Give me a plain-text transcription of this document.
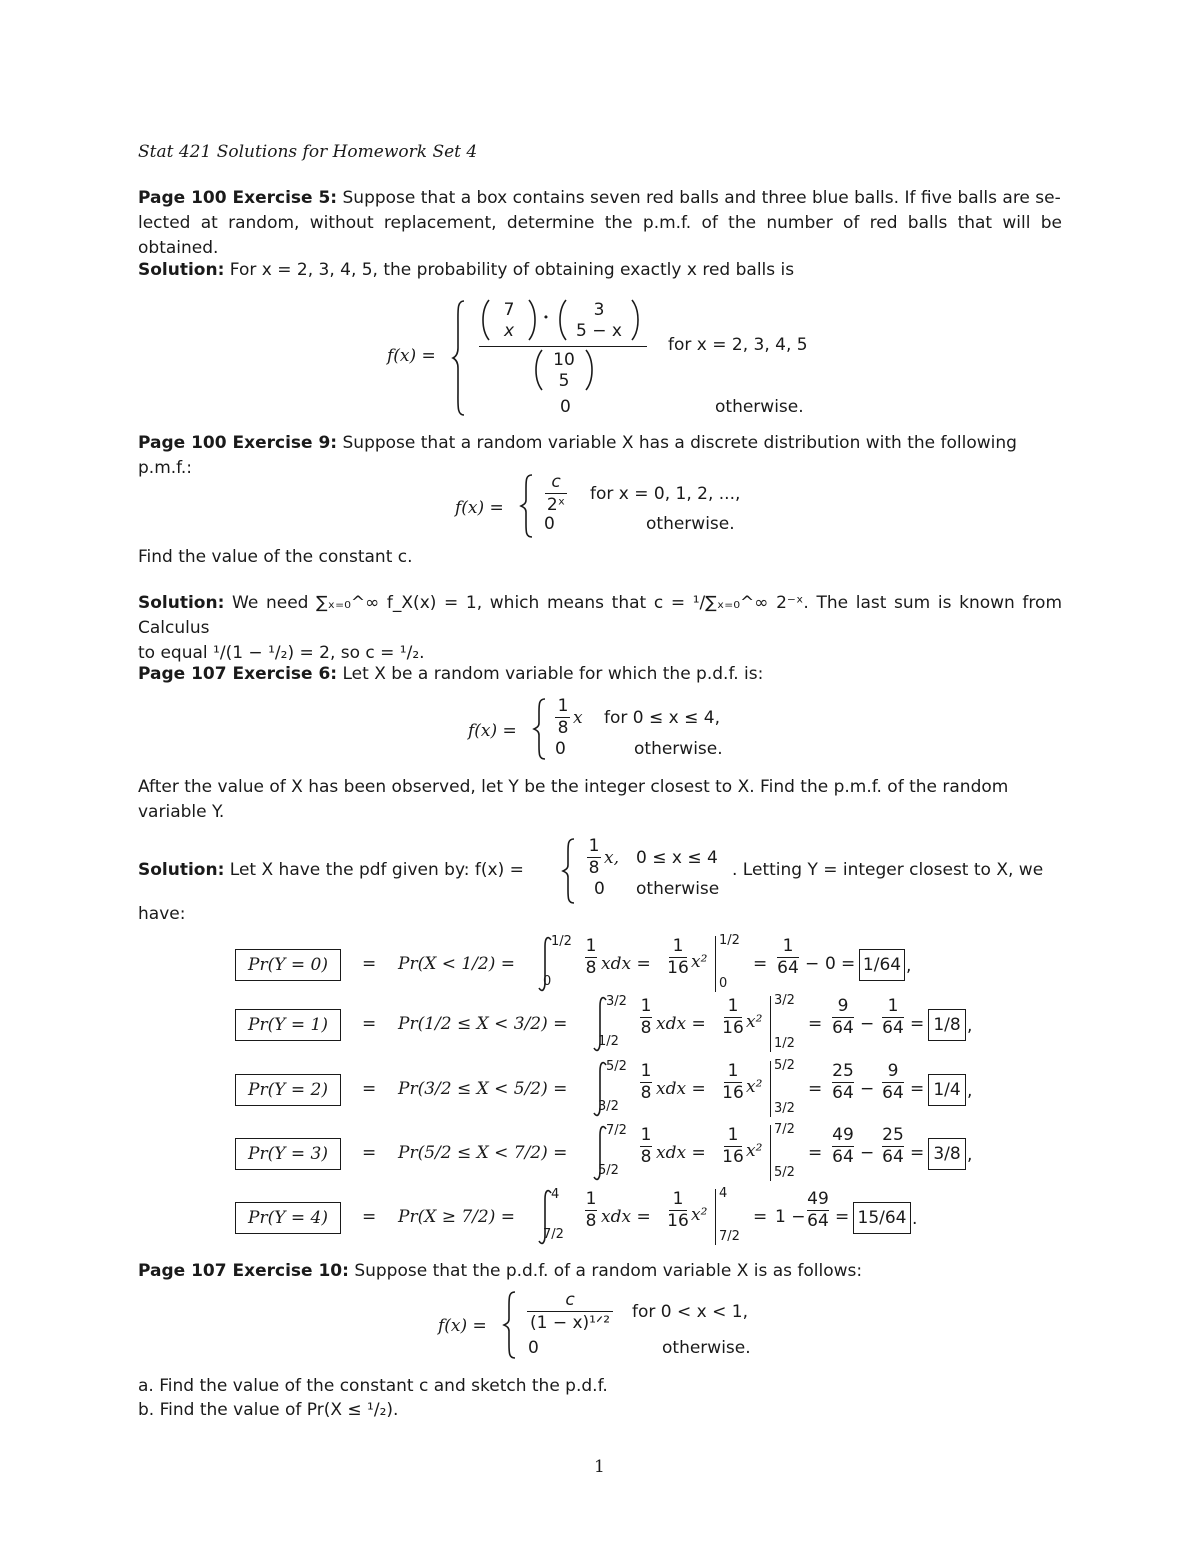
Stat 421 Solutions for Homework Set 4
Page 100 Exercise 5: Suppose that a box contains seven red balls and three blue balls. If five balls are se-
lected at random, without replacement, determine the p.m.f. of the number of red balls that will be obtained.
Solution: For x = 2, 3, 4, 5, the probability of obtaining exactly x red balls is
f(x) =
7
x
·	3
5 − x
10
5
for x = 2, 3, 4, 5
0	otherwise.
Page 100 Exercise 9: Suppose that a random variable X has a discrete distribution with the following
p.m.f.:
f(x) =
c
2ˣ
for x = 0, 1, 2, ...,
0	otherwise.
Find the value of the constant c.
Solution: We need ∑ₓ₌₀^∞ f_X(x) = 1, which means that c = ¹/∑ₓ₌₀^∞ 2⁻ˣ. The last sum is known from Calculus
to equal ¹/(1 − ¹/₂) = 2, so c = ¹/₂.
Page 107 Exercise 6: Let X be a random variable for which the p.d.f. is:
f(x) =
1
8 x for 0 ≤ x ≤ 4,
0	otherwise.
After the value of X has been observed, let Y be the integer closest to X. Find the p.m.f. of the random
variable Y.
Solution: Let X have the pdf given by: f(x) =
1
8 x, 0 ≤ x ≤ 4
0 otherwise
. Letting Y = integer closest to X, we
have:
Pr(Y = 0)	= Pr(X < 1/2) =
1/2
0
1
8 xdx =
1
16 x²
1/2
0
=
1
64 − 0 = 1/64 ,
Pr(Y = 1)	= Pr(1/2 ≤ X < 3/2) =
3/2
1/2
1
8 xdx =
1
16 x²
3/2
1/2
=
9
64 −
1
64 = 1/8 ,
Pr(Y = 2)	= Pr(3/2 ≤ X < 5/2) =
5/2
3/2
1
8 xdx =
1
16 x²
5/2
3/2
=
25
64 −
9
64 = 1/4 ,
Pr(Y = 3)	= Pr(5/2 ≤ X < 7/2) =
7/2
5/2
1
8 xdx =
1
16 x²
7/2
5/2
=
49
64 −
25
64 = 3/8 ,
Pr(Y = 4)	= Pr(X ≥ 7/2) =
4
7/2
1
8 xdx =
1
16 x²
4
7/2
= 1 −
49
64 = 15/64 .
Page 107 Exercise 10: Suppose that the p.d.f. of a random variable X is as follows:
f(x) =
c
(1 − x)¹ᐟ²
for 0 < x < 1,
0	otherwise.
a. Find the value of the constant c and sketch the p.d.f.
b. Find the value of Pr(X ≤ ¹/₂).
1
